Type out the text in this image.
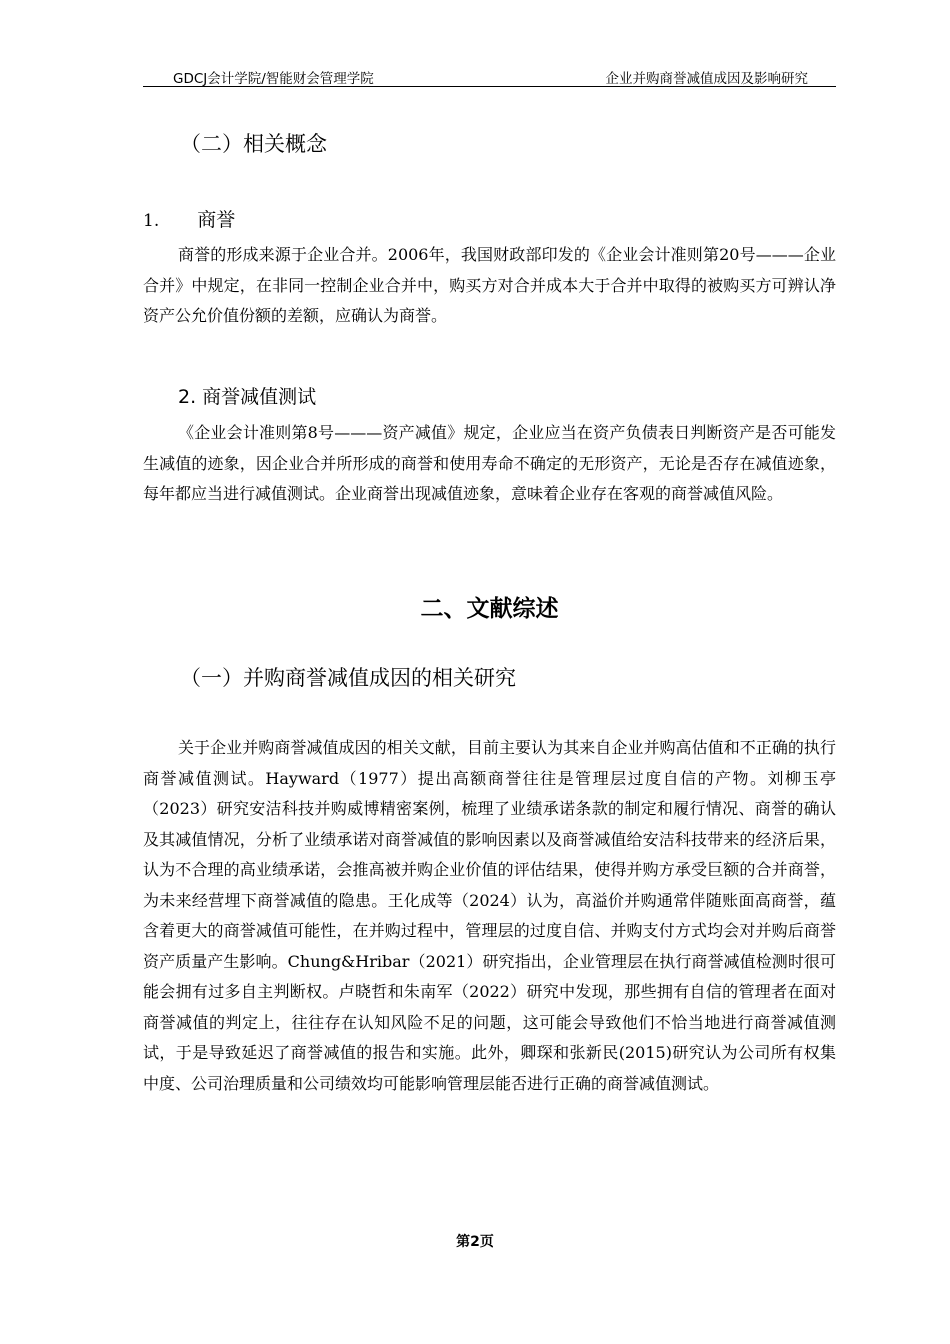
GDCJ会计学院/智能财会管理学院	企业并购商誉减值成因及影响研究
（二）相关概念
1. 商誉

商誉的形成来源于企业合并。2006年，我国财政部印发的《企业会计准则第20号———企业合并》中规定，在非同一控制企业合并中，购买方对合并成本大于合并中取得的被购买方可辨认净资产公允价值份额的差额，应确认为商誉。

2. 商誉减值测试

《企业会计准则第8号———资产减值》规定，企业应当在资产负债表日判断资产是否可能发生减值的迹象，因企业合并所形成的商誉和使用寿命不确定的无形资产，无论是否存在减值迹象，每年都应当进行减值测试。企业商誉出现减值迹象，意味着企业存在客观的商誉减值风险。

二、文献综述
（一）并购商誉减值成因的相关研究

关于企业并购商誉减值成因的相关文献，目前主要认为其来自企业并购高估值和不正确的执行商誉减值测试。Hayward（1977）提出高额商誉往往是管理层过度自信的产物。刘柳玉亭（2023）研究安洁科技并购威博精密案例，梳理了业绩承诺条款的制定和履行情况、商誉的确认及其减值情况，分析了业绩承诺对商誉减值的影响因素以及商誉减值给安洁科技带来的经济后果，认为不合理的高业绩承诺，会推高被并购企业价值的评估结果，使得并购方承受巨额的合并商誉，为未来经营埋下商誉减值的隐患。王化成等（2024）认为，高溢价并购通常伴随账面高商誉，蕴含着更大的商誉减值可能性，在并购过程中，管理层的过度自信、并购支付方式均会对并购后商誉资产质量产生影响。Chung&Hribar（2021）研究指出，企业管理层在执行商誉减值检测时很可能会拥有过多自主判断权。卢晓哲和朱南军（2022）研究中发现，那些拥有自信的管理者在面对商誉减值的判定上，往往存在认知风险不足的问题，这可能会导致他们不恰当地进行商誉减值测试，于是导致延迟了商誉减值的报告和实施。此外，卿琛和张新民(2015)研究认为公司所有权集中度、公司治理质量和公司绩效均可能影响管理层能否进行正确的商誉减值测试。

第2页
